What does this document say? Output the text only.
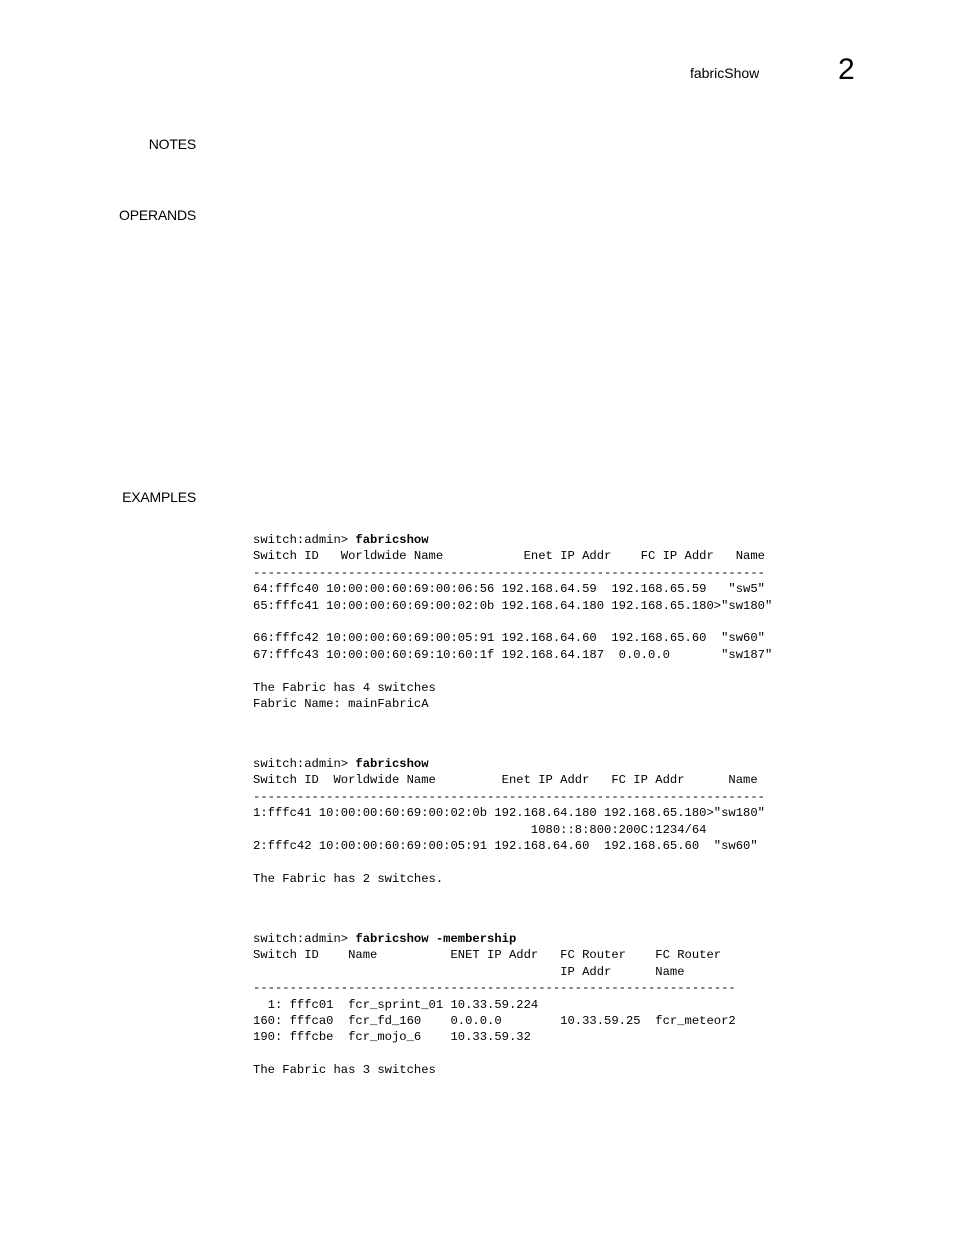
fabricShow	2
NOTES
OPERANDS
EXAMPLES
switch:admin> fabricshow
Switch ID   Worldwide Name           Enet IP Addr    FC IP Addr   Name
----------------------------------------------------------------------
64:fffc40 10:00:00:60:69:00:06:56 192.168.64.59  192.168.65.59   "sw5"
65:fffc41 10:00:00:60:69:00:02:0b 192.168.64.180 192.168.65.180>"sw180"
66:fffc42 10:00:00:60:69:00:05:91 192.168.64.60  192.168.65.60  "sw60"
67:fffc43 10:00:00:60:69:10:60:1f 192.168.64.187  0.0.0.0       "sw187"
The Fabric has 4 switches
Fabric Name: mainFabricA
switch:admin> fabricshow
Switch ID  Worldwide Name         Enet IP Addr   FC IP Addr      Name
----------------------------------------------------------------------
1:fffc41 10:00:00:60:69:00:02:0b 192.168.64.180 192.168.65.180>"sw180"
1080::8:800:200C:1234/64
2:fffc42 10:00:00:60:69:00:05:91 192.168.64.60  192.168.65.60  "sw60"
The Fabric has 2 switches.
switch:admin> fabricshow -membership
Switch ID    Name          ENET IP Addr   FC Router    FC Router
IP Addr      Name
------------------------------------------------------------------
1: fffc01  fcr_sprint_01 10.33.59.224
160: fffca0  fcr_fd_160    0.0.0.0        10.33.59.25  fcr_meteor2
190: fffcbe  fcr_mojo_6    10.33.59.32
The Fabric has 3 switches
